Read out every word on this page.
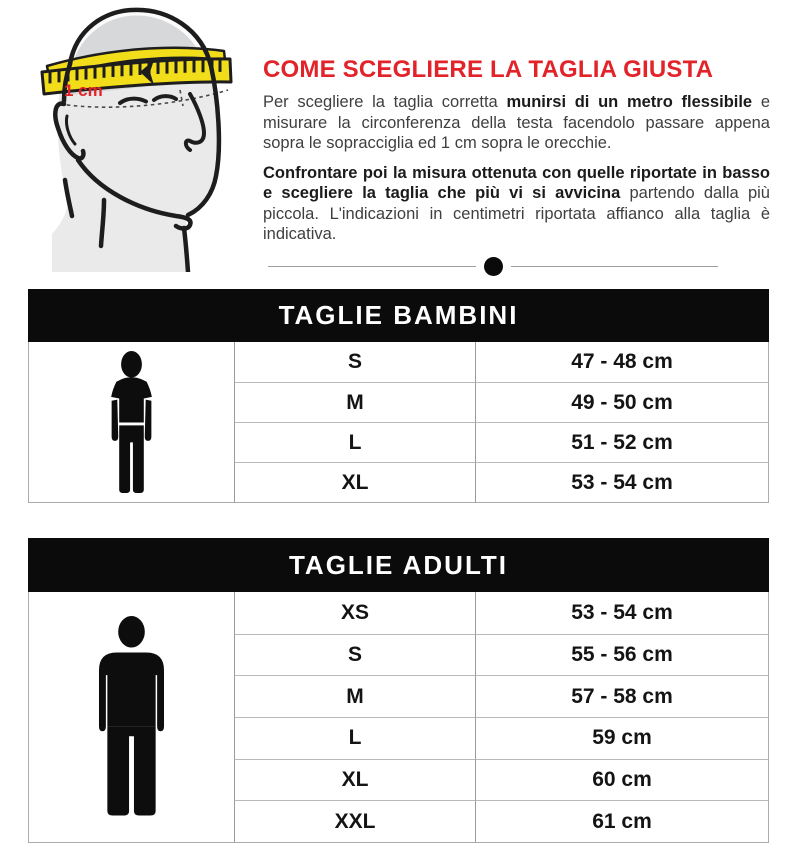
1 cm
COME SCEGLIERE LA TAGLIA GIUSTA

Per scegliere la taglia corretta munirsi di un metro flessibile e misurare la circonferenza della testa facendolo passare appena sopra le sopracciglia ed 1 cm sopra le orecchie.

Confrontare poi la misura ottenuta con quelle riportate in basso e scegliere la taglia che più vi si avvicina partendo dalla più piccola. L'indicazioni in centimetri riportata affianco alla taglia è indicativa.

TAGLIE BAMBINI
S	47 - 48 cm
M	49 - 50 cm
L	51 - 52 cm
XL	53 - 54 cm
TAGLIE ADULTI
XS	53 - 54 cm
S	55 - 56 cm
M	57 - 58 cm
L	59 cm
XL	60 cm
XXL	61 cm
